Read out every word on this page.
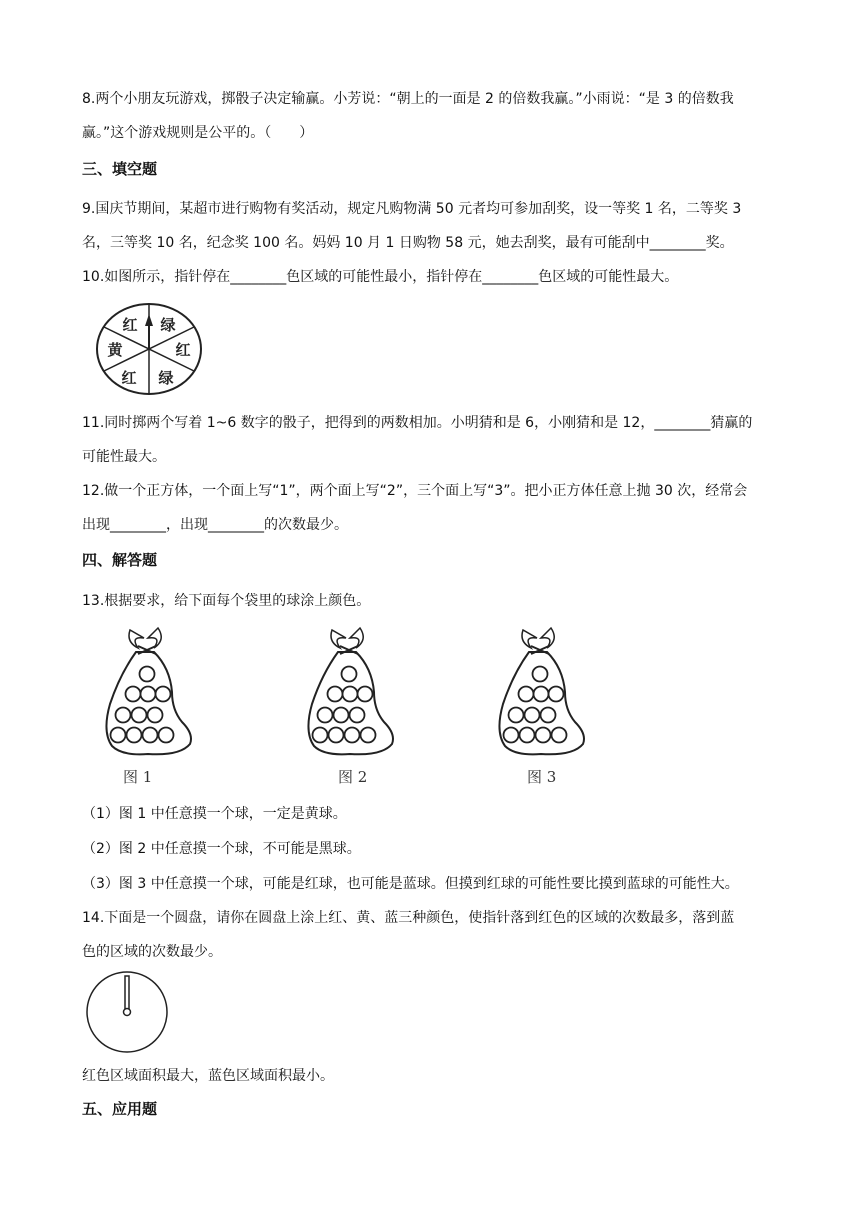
8.两个小朋友玩游戏，掷骰子决定输赢。小芳说：“朝上的一面是 2 的倍数我赢。”小雨说：“是 3 的倍数我
赢。”这个游戏规则是公平的。（　　）
三、填空题
9.国庆节期间，某超市进行购物有奖活动，规定凡购物满 50 元者均可参加刮奖，设一等奖 1 名，二等奖 3
名，三等奖 10 名，纪念奖 100 名。妈妈 10 月 1 日购物 58 元，她去刮奖，最有可能刮中________奖。
10.如图所示，指针停在________色区域的可能性最小，指针停在________色区域的可能性最大。
红 绿
红
绿
红
黄
11.同时掷两个写着 1~6 数字的骰子，把得到的两数相加。小明猜和是 6，小刚猜和是 12，________猜赢的
可能性最大。
12.做一个正方体，一个面上写“1”，两个面上写“2”，三个面上写“3”。把小正方体任意上抛 30 次，经常会
出现________，出现________的次数最少。
四、解答题
13.根据要求，给下面每个袋里的球涂上颜色。
图 1	图 2	图 3
（1）图 1 中任意摸一个球，一定是黄球。
（2）图 2 中任意摸一个球，不可能是黑球。
（3）图 3 中任意摸一个球，可能是红球，也可能是蓝球。但摸到红球的可能性要比摸到蓝球的可能性大。
14.下面是一个圆盘，请你在圆盘上涂上红、黄、蓝三种颜色，使指针落到红色的区域的次数最多，落到蓝
色的区域的次数最少。
红色区域面积最大，蓝色区域面积最小。
五、应用题
